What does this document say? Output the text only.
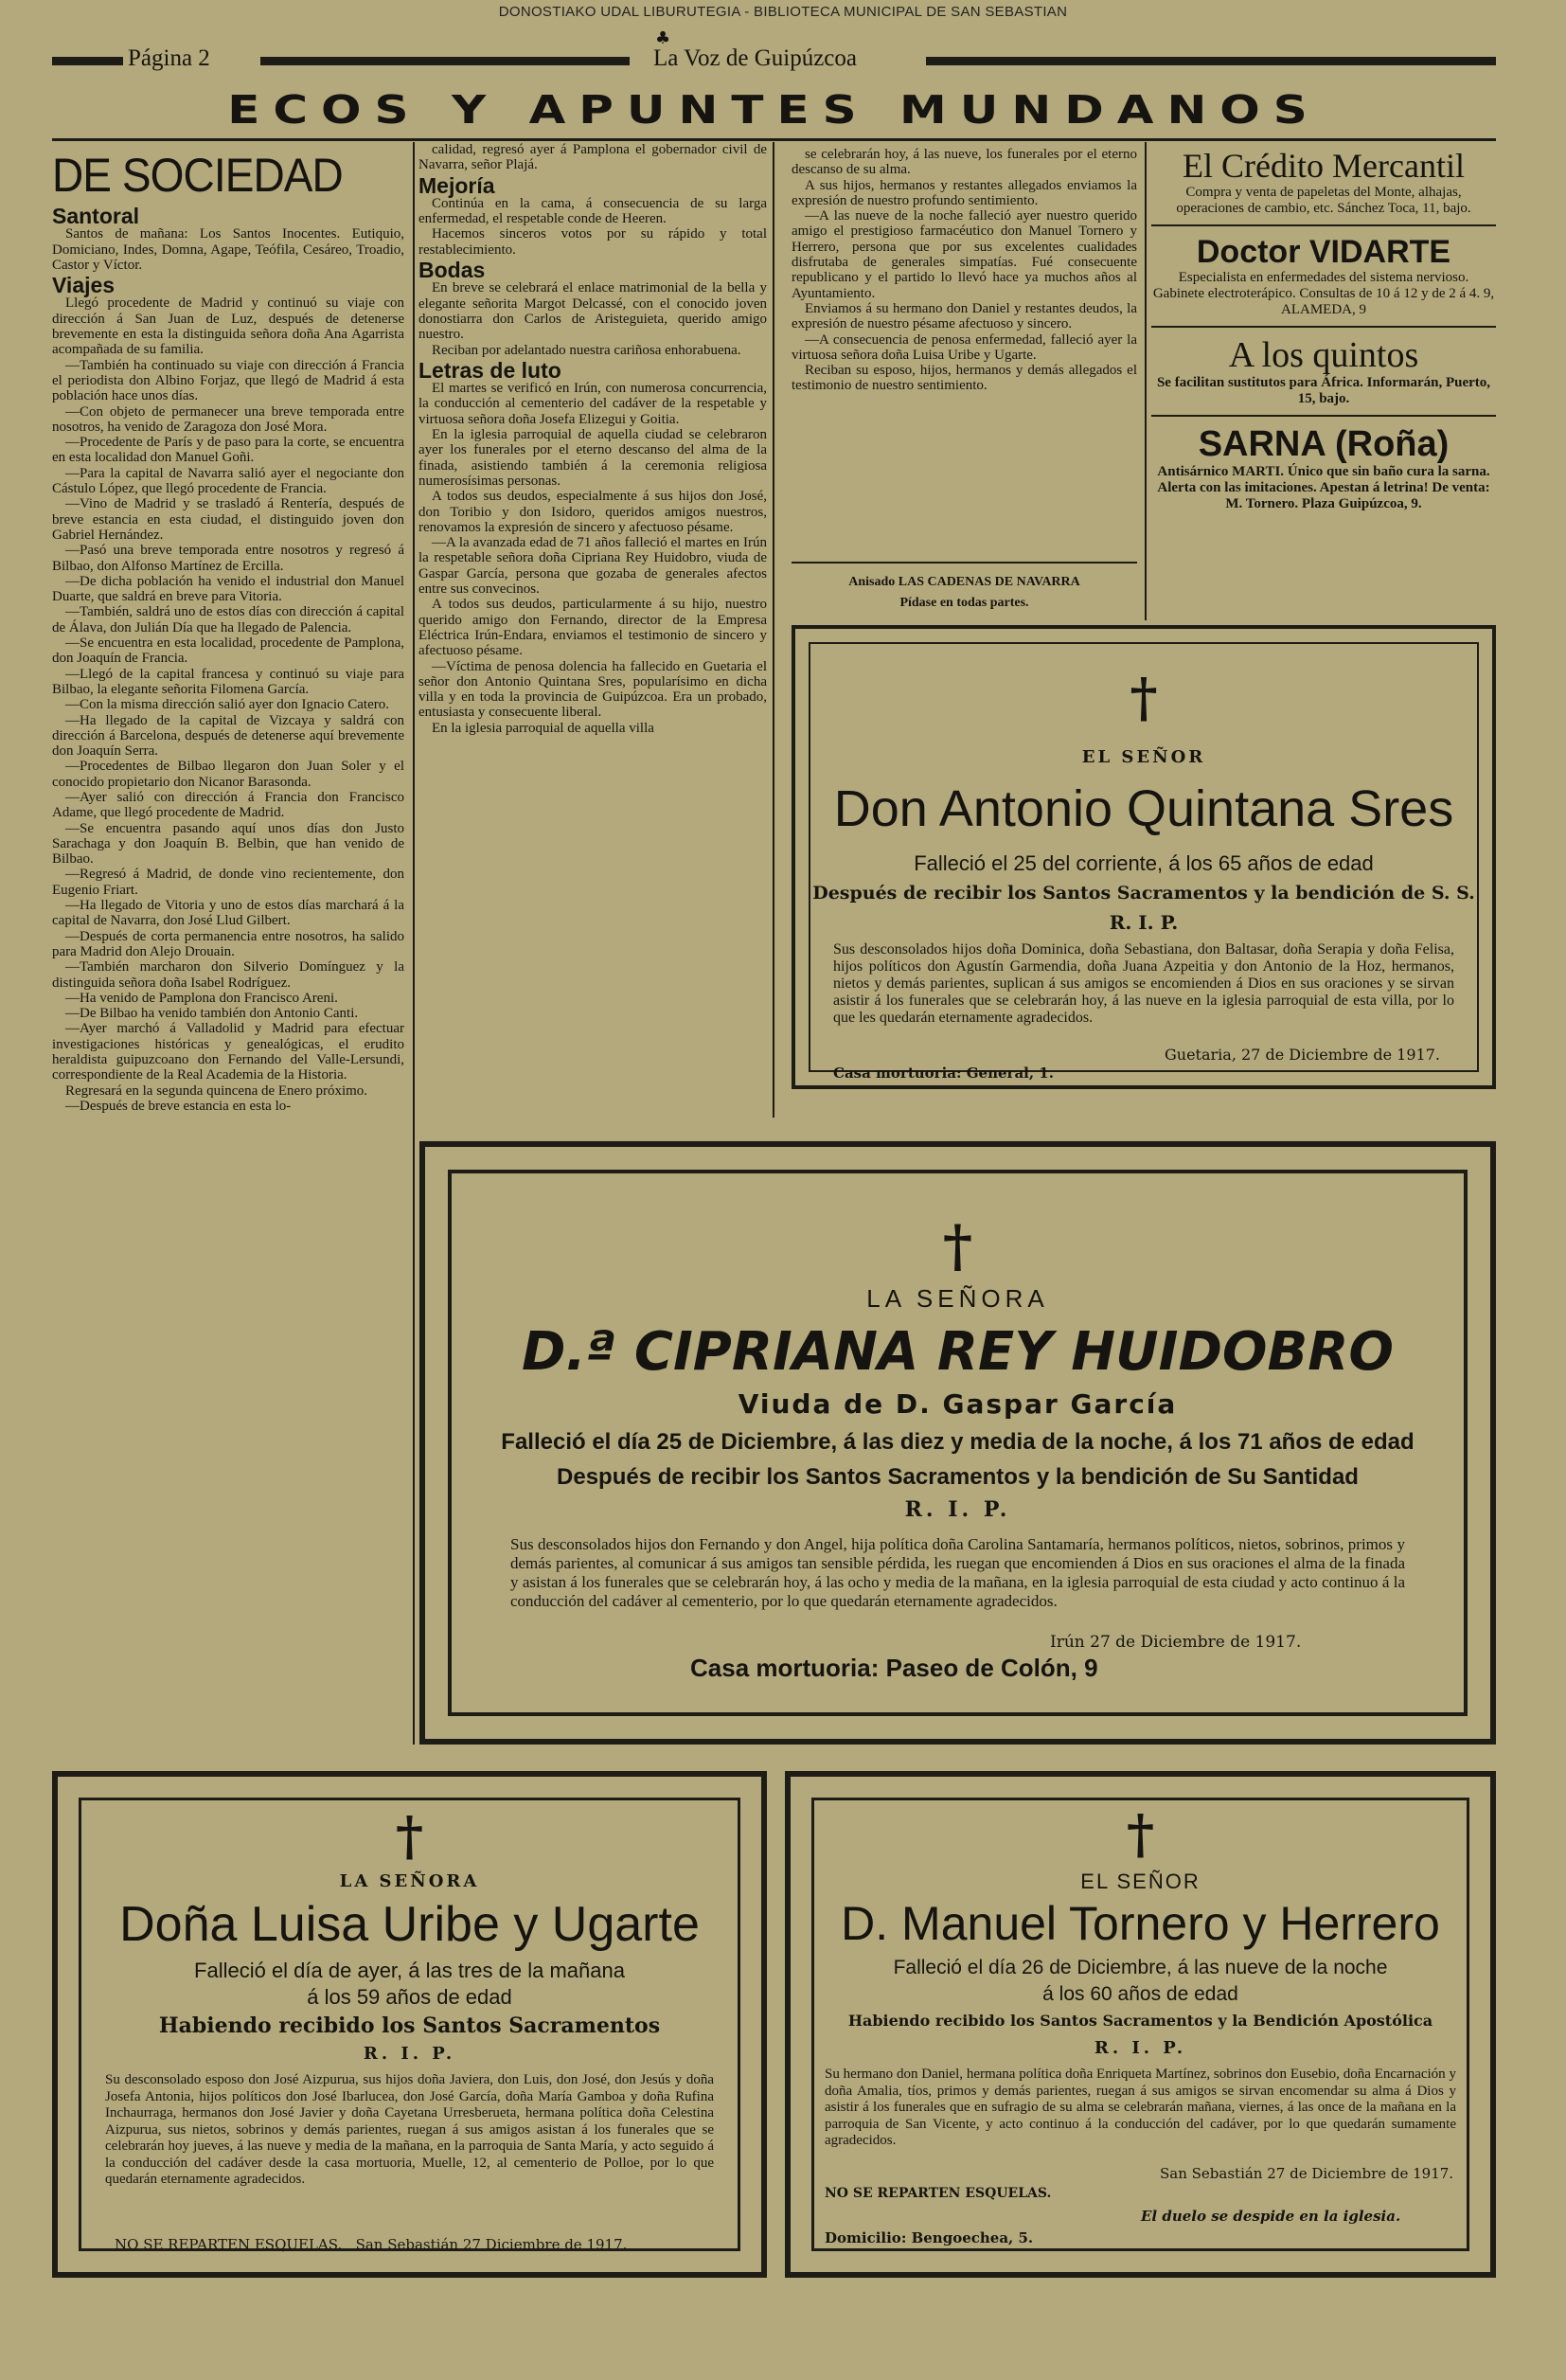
DONOSTIAKO UDAL LIBURUTEGIA - BIBLIOTECA MUNICIPAL DE SAN SEBASTIAN
Página 2	La Voz de Guipúzcoa
♣
ECOS Y APUNTES MUNDANOS
DE SOCIEDAD
Santoral

Santos de mañana: Los Santos Inocentes. Eutiquio, Domiciano, Indes, Domna, Agape, Teófila, Cesáreo, Troadio, Castor y Víctor.

Viajes

Llegó procedente de Madrid y continuó su viaje con dirección á San Juan de Luz, después de detenerse brevemente en esta la distinguida señora doña Ana Agarrista acompañada de su familia.

—También ha continuado su viaje con dirección á Francia el periodista don Albino Forjaz, que llegó de Madrid á esta población hace unos días.

—Con objeto de permanecer una breve temporada entre nosotros, ha venido de Zaragoza don José Mora.

—Procedente de París y de paso para la corte, se encuentra en esta localidad don Manuel Goñi.

—Para la capital de Navarra salió ayer el negociante don Cástulo López, que llegó procedente de Francia.

—Vino de Madrid y se trasladó á Rentería, después de breve estancia en esta ciudad, el distinguido joven don Gabriel Hernández.

—Pasó una breve temporada entre nosotros y regresó á Bilbao, don Alfonso Martínez de Ercilla.

—De dicha población ha venido el industrial don Manuel Duarte, que saldrá en breve para Vitoria.

—También, saldrá uno de estos días con dirección á capital de Álava, don Julián Día que ha llegado de Palencia.

—Se encuentra en esta localidad, procedente de Pamplona, don Joaquín de Francia.

—Llegó de la capital francesa y continuó su viaje para Bilbao, la elegante señorita Filomena García.

—Con la misma dirección salió ayer don Ignacio Catero.

—Ha llegado de la capital de Vizcaya y saldrá con dirección á Barcelona, después de detenerse aquí brevemente don Joaquín Serra.

—Procedentes de Bilbao llegaron don Juan Soler y el conocido propietario don Nicanor Barasonda.

—Ayer salió con dirección á Francia don Francisco Adame, que llegó procedente de Madrid.

—Se encuentra pasando aquí unos días don Justo Sarachaga y don Joaquín B. Belbin, que han venido de Bilbao.

—Regresó á Madrid, de donde vino recientemente, don Eugenio Friart.

—Ha llegado de Vitoria y uno de estos días marchará á la capital de Navarra, don José Llud Gilbert.

—Después de corta permanencia entre nosotros, ha salido para Madrid don Alejo Drouain.

—También marcharon don Silverio Domínguez y la distinguida señora doña Isabel Rodríguez.

—Ha venido de Pamplona don Francisco Areni.

—De Bilbao ha venido también don Antonio Canti.

—Ayer marchó á Valladolid y Madrid para efectuar investigaciones históricas y genealógicas, el erudito heraldista guipuzcoano don Fernando del Valle-Lersundi, correspondiente de la Real Academia de la Historia.

Regresará en la segunda quincena de Enero próximo.

—Después de breve estancia en esta lo-

calidad, regresó ayer á Pamplona el gobernador civil de Navarra, señor Plajá.

Mejoría

Continúa en la cama, á consecuencia de su larga enfermedad, el respetable conde de Heeren.

Hacemos sinceros votos por su rápido y total restablecimiento.

Bodas

En breve se celebrará el enlace matrimonial de la bella y elegante señorita Margot Delcassé, con el conocido joven donostiarra don Carlos de Aristeguieta, querido amigo nuestro.

Reciban por adelantado nuestra cariñosa enhorabuena.

Letras de luto

El martes se verificó en Irún, con numerosa concurrencia, la conducción al cementerio del cadáver de la respetable y virtuosa señora doña Josefa Elizegui y Goitia.

En la iglesia parroquial de aquella ciudad se celebraron ayer los funerales por el eterno descanso del alma de la finada, asistiendo también á la ceremonia religiosa numerosísimas personas.

A todos sus deudos, especialmente á sus hijos don José, don Toribio y don Isidoro, queridos amigos nuestros, renovamos la expresión de sincero y afectuoso pésame.

—A la avanzada edad de 71 años falleció el martes en Irún la respetable señora doña Cipriana Rey Huidobro, viuda de Gaspar García, persona que gozaba de generales afectos entre sus convecinos.

A todos sus deudos, particularmente á su hijo, nuestro querido amigo don Fernando, director de la Empresa Eléctrica Irún-Endara, enviamos el testimonio de sincero y afectuoso pésame.

—Víctima de penosa dolencia ha fallecido en Guetaria el señor don Antonio Quintana Sres, popularísimo en dicha villa y en toda la provincia de Guipúzcoa. Era un probado, entusiasta y consecuente liberal.

En la iglesia parroquial de aquella villa

se celebrarán hoy, á las nueve, los funerales por el eterno descanso de su alma.

A sus hijos, hermanos y restantes allegados enviamos la expresión de nuestro profundo sentimiento.

—A las nueve de la noche falleció ayer nuestro querido amigo el prestigioso farmacéutico don Manuel Tornero y Herrero, persona que por sus excelentes cualidades disfrutaba de generales simpatías. Fué consecuente republicano y el partido lo llevó hace ya muchos años al Ayuntamiento.

Enviamos á su hermano don Daniel y restantes deudos, la expresión de nuestro pésame afectuoso y sincero.

—A consecuencia de penosa enfermedad, falleció ayer la virtuosa señora doña Luisa Uribe y Ugarte.

Reciban su esposo, hijos, hermanos y demás allegados el testimonio de nuestro sentimiento.

Anisado LAS CADENAS DE NAVARRA
Pídase en todas partes.
El Crédito Mercantil
Compra y venta de papeletas del Monte, alhajas, operaciones de cambio, etc. Sánchez Toca, 11, bajo.
Doctor VIDARTE
Especialista en enfermedades del sistema nervioso. Gabinete electroterápico. Consultas de 10 á 12 y de 2 á 4. 9, ALAMEDA, 9
A los quintos
Se facilitan sustitutos para África. Informarán, Puerto, 15, bajo.
SARNA (Roña)
Antisárnico MARTI. Único que sin baño cura la sarna. Alerta con las imitaciones. Apestan á letrina! De venta: M. Tornero. Plaza Guipúzcoa, 9.
†
EL SEÑOR
Don Antonio Quintana Sres
Falleció el 25 del corriente, á los 65 años de edad
Después de recibir los Santos Sacramentos y la bendición de S. S.
R. I. P.
Sus desconsolados hijos doña Dominica, doña Sebastiana, don Baltasar, doña Serapia y doña Felisa, hijos políticos don Agustín Garmendia, doña Juana Azpeitia y don Antonio de la Hoz, hermanos, nietos y demás parientes, suplican á sus amigos se encomienden á Dios en sus oraciones y se sirvan asistir á los funerales que se celebrarán hoy, á las nueve en la iglesia parroquial de esta villa, por lo que les quedarán eternamente agradecidos.
Guetaria, 27 de Diciembre de 1917.
Casa mortuoria: General, 1.
†
LA SEÑORA
D.ª CIPRIANA REY HUIDOBRO
Viuda de D. Gaspar García
Falleció el día 25 de Diciembre, á las diez y media de la noche, á los 71 años de edad
Después de recibir los Santos Sacramentos y la bendición de Su Santidad
R. I. P.
Sus desconsolados hijos don Fernando y don Angel, hija política doña Carolina Santamaría, hermanos políticos, nietos, sobrinos, primos y demás parientes, al comunicar á sus amigos tan sensible pérdida, les ruegan que encomienden á Dios en sus oraciones el alma de la finada y asistan á los funerales que se celebrarán hoy, á las ocho y media de la mañana, en la iglesia parroquial de esta ciudad y acto continuo á la conducción del cadáver al cementerio, por lo que quedarán eternamente agradecidos.
Irún 27 de Diciembre de 1917.
Casa mortuoria: Paseo de Colón, 9
†
LA SEÑORA
Doña Luisa Uribe y Ugarte
Falleció el día de ayer, á las tres de la mañana
á los 59 años de edad
Habiendo recibido los Santos Sacramentos
R. I. P.
Su desconsolado esposo don José Aizpurua, sus hijos doña Javiera, don Luis, don José, don Jesús y doña Josefa Antonia, hijos políticos don José Ibarlucea, don José García, doña María Gamboa y doña Rufina Inchaurraga, hermanos don José Javier y doña Cayetana Urresberueta, hermana política doña Celestina Aizpurua, sus nietos, sobrinos y demás parientes, ruegan á sus amigos asistan á los funerales que se celebrarán hoy jueves, á las nueve y media de la mañana, en la parroquia de Santa María, y acto seguido á la conducción del cadáver desde la casa mortuoria, Muelle, 12, al cementerio de Polloe, por lo que quedarán eternamente agradecidos.
NO SE REPARTEN ESQUELAS.   San Sebastián 27 Diciembre de 1917.
†
EL SEÑOR
D. Manuel Tornero y Herrero
Falleció el día 26 de Diciembre, á las nueve de la noche
á los 60 años de edad
Habiendo recibido los Santos Sacramentos y la Bendición Apostólica
R. I. P.
Su hermano don Daniel, hermana política doña Enriqueta Martínez, sobrinos don Eusebio, doña Encarnación y doña Amalia, tíos, primos y demás parientes, ruegan á sus amigos se sirvan encomendar su alma á Dios y asistir á los funerales que en sufragio de su alma se celebrarán mañana, viernes, á las once de la mañana en la parroquia de San Vicente, y acto continuo á la conducción del cadáver, por lo que quedarán sumamente agradecidos.
San Sebastián 27 de Diciembre de 1917.
NO SE REPARTEN ESQUELAS.
El duelo se despide en la iglesia.
Domicilio: Bengoechea, 5.
